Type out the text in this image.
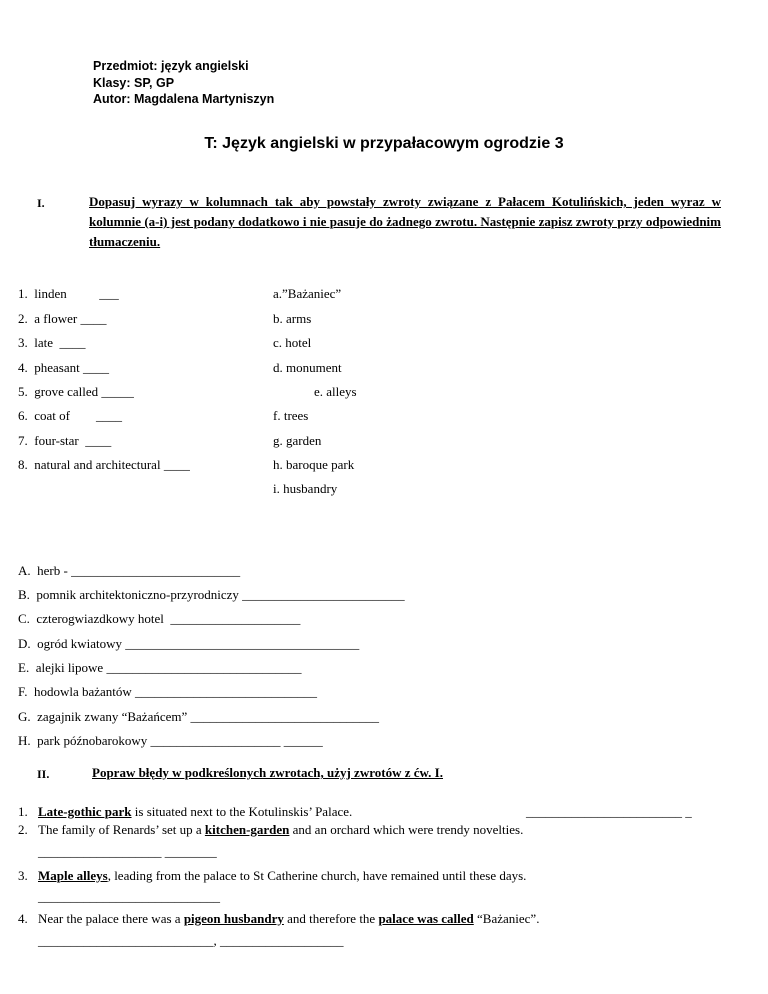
Przedmiot: język angielski
Klasy: SP, GP
Autor: Magdalena Martyniszyn
T: Język angielski w przypałacowym ogrodzie 3
I.	Dopasuj wyrazy w kolumnach tak aby powstały zwroty związane z Pałacem Kotulińskich, jeden wyraz w kolumnie (a-i) jest podany dodatkowo i nie pasuje do żadnego zwrotu. Następnie zapisz zwroty przy odpowiednim tłumaczeniu.
1.  linden          ___
2.  a flower ____
3.  late  ____
4.  pheasant ____
5.  grove called _____
6.  coat of        ____
7.  four-star  ____
8.  natural and architectural ____
a.”Bażaniec”
b. arms
c. hotel
d. monument
e. alleys
f. trees
g. garden
h. baroque park
i. husbandry
A.  herb - __________________________
B.  pomnik architektoniczno-przyrodniczy _________________________
C.  czterogwiazdkowy hotel  ____________________
D.  ogród kwiatowy ____________________________________
E.  alejki lipowe ______________________________
F.  hodowla bażantów ____________________________
G.  zagajnik zwany “Bażańcem” _____________________________
H.  park późnobarokowy ____________________ ______
II.	Popraw błędy w podkreślonych zwrotach, użyj zwrotów z ćw. I.
1. Late-gothic park is situated next to the Kotulinskis’ Palace.	________________________ _
2. The family of Renards’ set up a kitchen-garden and an orchard which were trendy novelties.
___________________ ________
3. Maple alleys, leading from the palace to St Catherine church, have remained until these days.
____________________________
4. Near the palace there was a pigeon husbandry and therefore the palace was called “Bażaniec”.
___________________________, ___________________
